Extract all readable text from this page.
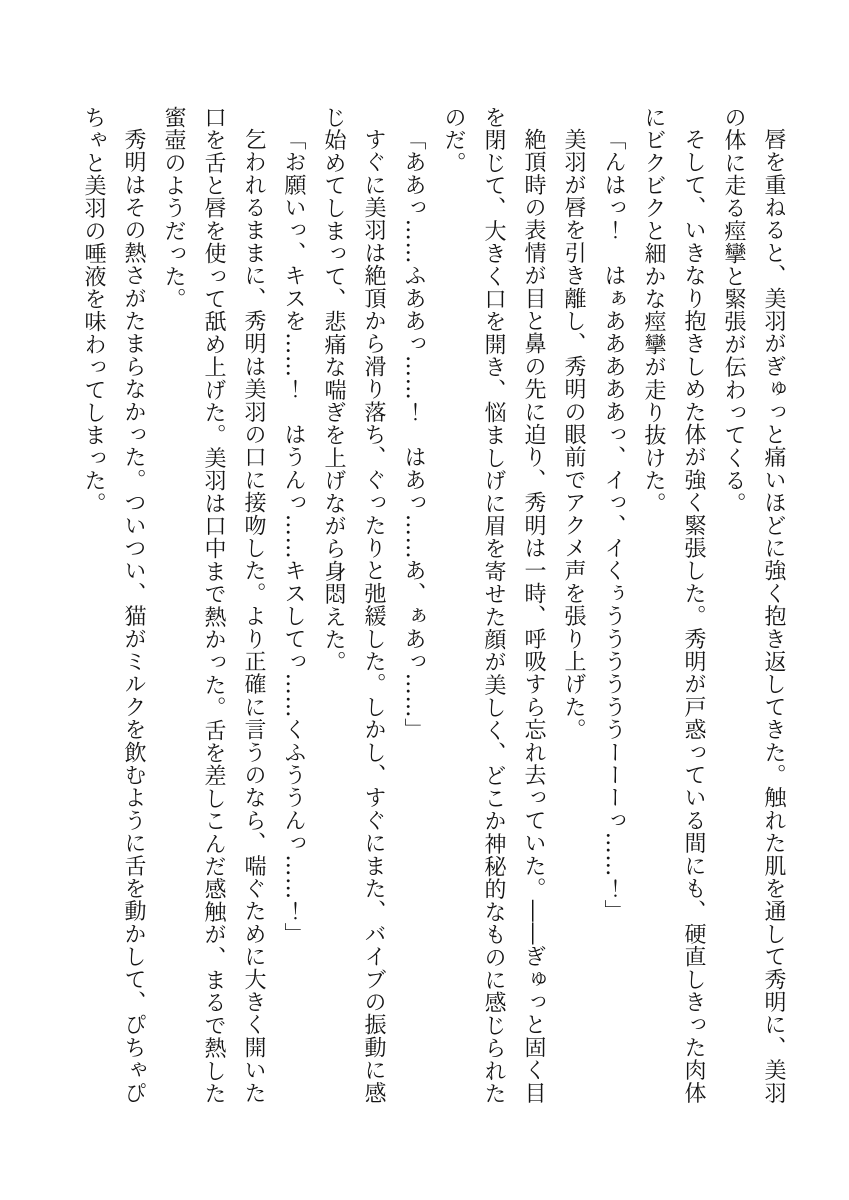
唇を重ねると、美羽がぎゅっと痛いほどに強く抱き返してきた。触れた肌を通して秀明に、美羽の体に走る痙攣と緊張が伝わってくる。

そして、いきなり抱きしめた体が強く緊張した。秀明が戸惑っている間にも、硬直しきった肉体にビクビクと細かな痙攣が走り抜けた。

「んはっ！　はぁあああああっ、イっ、イくぅううううううーーーっ……！」

美羽が唇を引き離し、秀明の眼前でアクメ声を張り上げた。

絶頂時の表情が目と鼻の先に迫り、秀明は一時、呼吸すら忘れ去っていた。――ぎゅっと固く目を閉じて、大きく口を開き、悩ましげに眉を寄せた顔が美しく、どこか神秘的なものに感じられたのだ。

「ああっ……ふああっ……！　はあっ……あ、ぁあっ……」

すぐに美羽は絶頂から滑り落ち、ぐったりと弛緩した。しかし、すぐにまた、バイブの振動に感じ始めてしまって、悲痛な喘ぎを上げながら身悶えた。

「お願いっ、キスを……！　はうんっ……キスしてっ……くふううんっ……！」

乞われるままに、秀明は美羽の口に接吻した。より正確に言うのなら、喘ぐために大きく開いた口を舌と唇を使って舐め上げた。美羽は口中まで熱かった。舌を差しこんだ感触が、まるで熱した蜜壺のようだった。

秀明はその熱さがたまらなかった。ついつい、猫がミルクを飲むように舌を動かして、ぴちゃぴちゃと美羽の唾液を味わってしまった。
